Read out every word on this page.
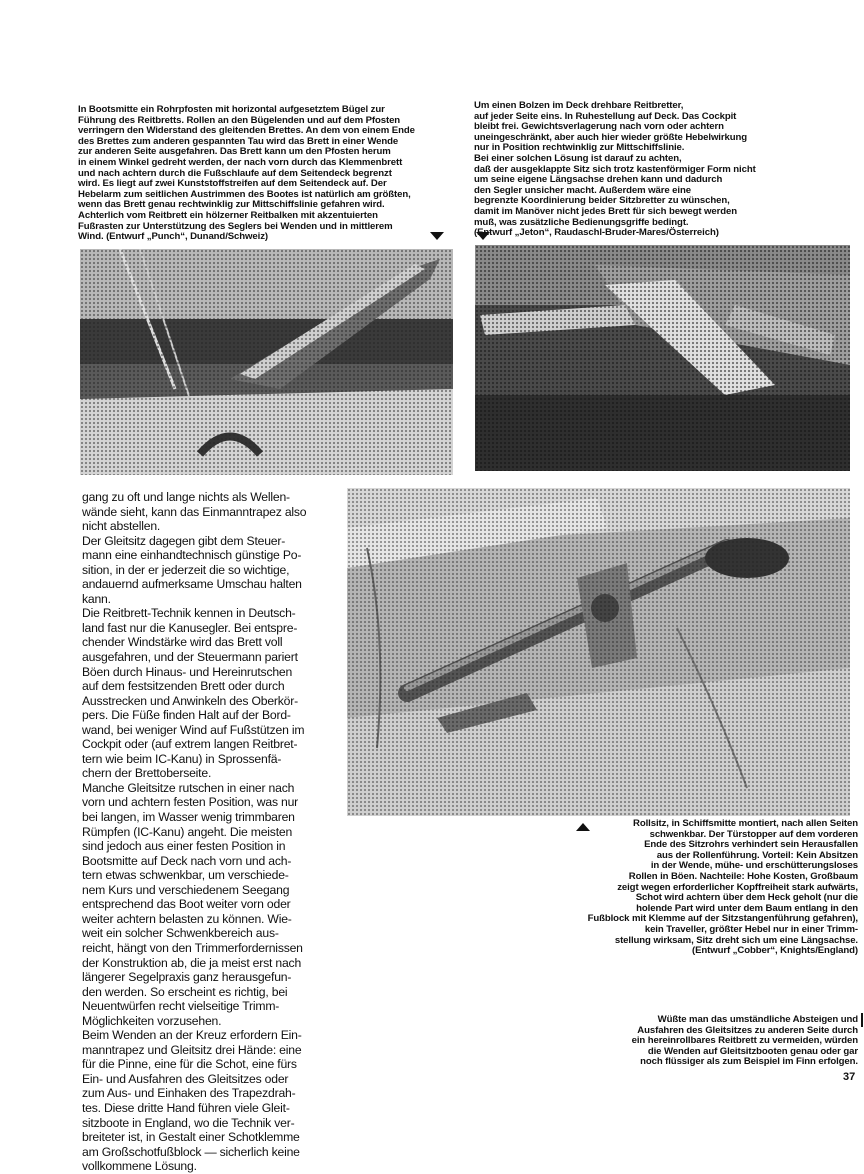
In Bootsmitte ein Rohrpfosten mit horizontal aufgesetztem Bügel zur
Führung des Reitbretts. Rollen an den Bügelenden und auf dem Pfosten
verringern den Widerstand des gleitenden Brettes. An dem von einem Ende
des Brettes zum anderen gespannten Tau wird das Brett in einer Wende
zur anderen Seite ausgefahren. Das Brett kann um den Pfosten herum
in einem Winkel gedreht werden, der nach vorn durch das Klemmenbrett
und nach achtern durch die Fußschlaufe auf dem Seitendeck begrenzt
wird. Es liegt auf zwei Kunststoffstreifen auf dem Seitendeck auf. Der
Hebelarm zum seitlichen Austrimmen des Bootes ist natürlich am größten,
wenn das Brett genau rechtwinklig zur Mittschiffslinie gefahren wird.
Achterlich vom Reitbrett ein hölzerner Reitbalken mit akzentuierten
Fußrasten zur Unterstützung des Seglers bei Wenden und in mittlerem
Wind. (Entwurf „Punch“, Dunand/Schweiz)
Um einen Bolzen im Deck drehbare Reitbretter,
auf jeder Seite eins. In Ruhestellung auf Deck. Das Cockpit
bleibt frei. Gewichtsverlagerung nach vorn oder achtern
uneingeschränkt, aber auch hier wieder größte Hebelwirkung
nur in Position rechtwinklig zur Mittschiffslinie.
Bei einer solchen Lösung ist darauf zu achten,
daß der ausgeklappte Sitz sich trotz kastenförmiger Form nicht
um seine eigene Längsachse drehen kann und dadurch
den Segler unsicher macht. Außerdem wäre eine
begrenzte Koordinierung beider Sitzbretter zu wünschen,
damit im Manöver nicht jedes Brett für sich bewegt werden
muß, was zusätzliche Bedienungsgriffe bedingt.
(Entwurf „Jeton“, Raudaschl-Bruder-Mares/Österreich)
gang zu oft und lange nichts als Wellen-
wände sieht, kann das Einmanntrapez also
nicht abstellen.
Der Gleitsitz dagegen gibt dem Steuer-
mann eine einhandtechnisch günstige Po-
sition, in der er jederzeit die so wichtige,
andauernd aufmerksame Umschau halten
kann.
Die Reitbrett-Technik kennen in Deutsch-
land fast nur die Kanusegler. Bei entspre-
chender Windstärke wird das Brett voll
ausgefahren, und der Steuermann pariert
Böen durch Hinaus- und Hereinrutschen
auf dem festsitzenden Brett oder durch
Ausstrecken und Anwinkeln des Oberkör-
pers. Die Füße finden Halt auf der Bord-
wand, bei weniger Wind auf Fußstützen im
Cockpit oder (auf extrem langen Reitbret-
tern wie beim IC-Kanu) in Sprossenfä-
chern der Brettoberseite.
Manche Gleitsitze rutschen in einer nach
vorn und achtern festen Position, was nur
bei langen, im Wasser wenig trimmbaren
Rümpfen (IC-Kanu) angeht. Die meisten
sind jedoch aus einer festen Position in
Bootsmitte auf Deck nach vorn und ach-
tern etwas schwenkbar, um verschiede-
nem Kurs und verschiedenem Seegang
entsprechend das Boot weiter vorn oder
weiter achtern belasten zu können. Wie-
weit ein solcher Schwenkbereich aus-
reicht, hängt von den Trimmerfordernissen
der Konstruktion ab, die ja meist erst nach
längerer Segelpraxis ganz herausgefun-
den werden. So erscheint es richtig, bei
Neuentwürfen recht vielseitige Trimm-
Möglichkeiten vorzusehen.
Beim Wenden an der Kreuz erfordern Ein-
manntrapez und Gleitsitz drei Hände: eine
für die Pinne, eine für die Schot, eine fürs
Ein- und Ausfahren des Gleitsitzes oder
zum Aus- und Einhaken des Trapezdrah-
tes. Diese dritte Hand führen viele Gleit-
sitzboote in England, wo die Technik ver-
breiteter ist, in Gestalt einer Schotklemme
am Großschotfußblock — sicherlich keine
vollkommene Lösung.
Rollsitz, in Schiffsmitte montiert, nach allen Seiten
schwenkbar. Der Türstopper auf dem vorderen
Ende des Sitzrohrs verhindert sein Herausfallen
aus der Rollenführung. Vorteil: Kein Absitzen
in der Wende, mühe- und erschütterungsloses
Rollen in Böen. Nachteile: Hohe Kosten, Großbaum
zeigt wegen erforderlicher Kopffreiheit stark aufwärts,
Schot wird achtern über dem Heck geholt (nur die
holende Part wird unter dem Baum entlang in den
Fußblock mit Klemme auf der Sitzstangenführung gefahren),
kein Traveller, größter Hebel nur in einer Trimm-
stellung wirksam, Sitz dreht sich um eine Längsachse.
(Entwurf „Cobber“, Knights/England)
Wüßte man das umständliche Absteigen und
Ausfahren des Gleitsitzes zu anderen Seite durch
ein hereinrollbares Reitbrett zu vermeiden, würden
die Wenden auf Gleitsitzbooten genau oder gar
noch flüssiger als zum Beispiel im Finn erfolgen.
37
